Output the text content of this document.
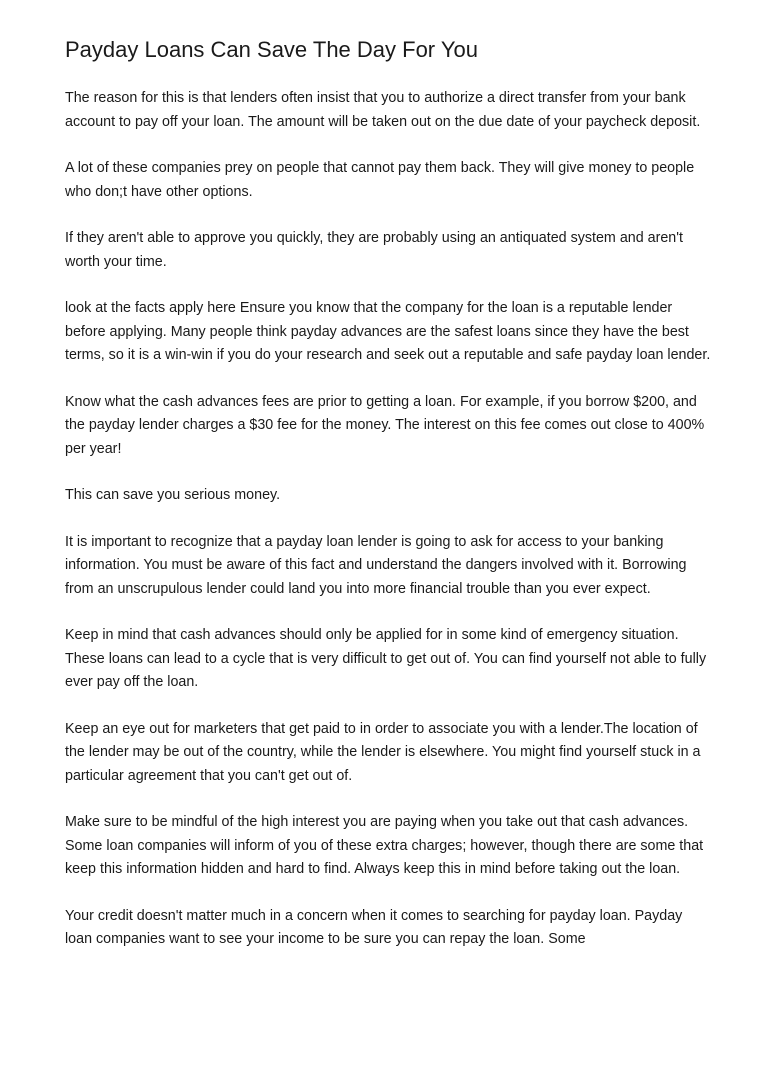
Payday Loans Can Save The Day For You

The reason for this is that lenders often insist that you to authorize a direct transfer from your bank account to pay off your loan. The amount will be taken out on the due date of your paycheck deposit.

A lot of these companies prey on people that cannot pay them back. They will give money to people who don;t have other options.

If they aren't able to approve you quickly, they are probably using an antiquated system and aren't worth your time.

look at the facts apply here Ensure you know that the company for the loan is a reputable lender before applying. Many people think payday advances are the safest loans since they have the best terms, so it is a win-win if you do your research and seek out a reputable and safe payday loan lender.

Know what the cash advances fees are prior to getting a loan. For example, if you borrow $200, and the payday lender charges a $30 fee for the money. The interest on this fee comes out close to 400% per year!

This can save you serious money.

It is important to recognize that a payday loan lender is going to ask for access to your banking information. You must be aware of this fact and understand the dangers involved with it. Borrowing from an unscrupulous lender could land you into more financial trouble than you ever expect.

Keep in mind that cash advances should only be applied for in some kind of emergency situation. These loans can lead to a cycle that is very difficult to get out of. You can find yourself not able to fully ever pay off the loan.

Keep an eye out for marketers that get paid to in order to associate you with a lender.The location of the lender may be out of the country, while the lender is elsewhere. You might find yourself stuck in a particular agreement that you can't get out of.

Make sure to be mindful of the high interest you are paying when you take out that cash advances. Some loan companies will inform of you of these extra charges; however, though there are some that keep this information hidden and hard to find. Always keep this in mind before taking out the loan.

Your credit doesn't matter much in a concern when it comes to searching for payday loan. Payday loan companies want to see your income to be sure you can repay the loan. Some
